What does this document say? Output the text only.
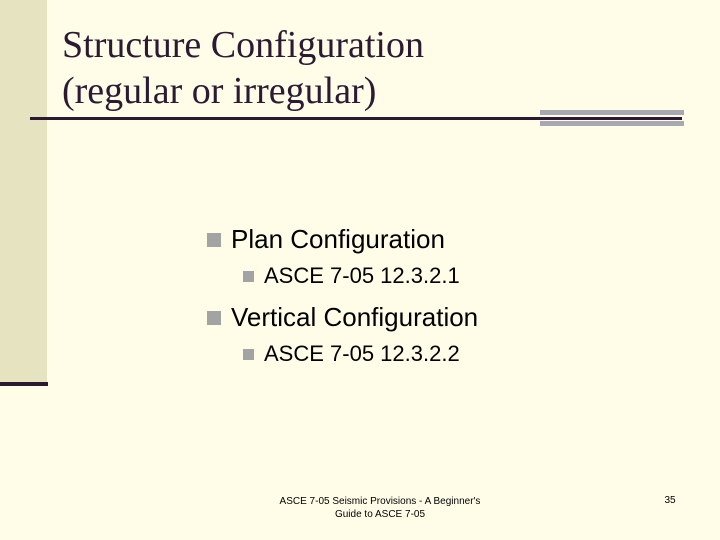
Structure Configuration
(regular or irregular)
Plan Configuration
ASCE 7-05 12.3.2.1
Vertical Configuration
ASCE 7-05 12.3.2.2
ASCE 7-05 Seismic Provisions - A Beginner's
Guide to ASCE 7-05
35
